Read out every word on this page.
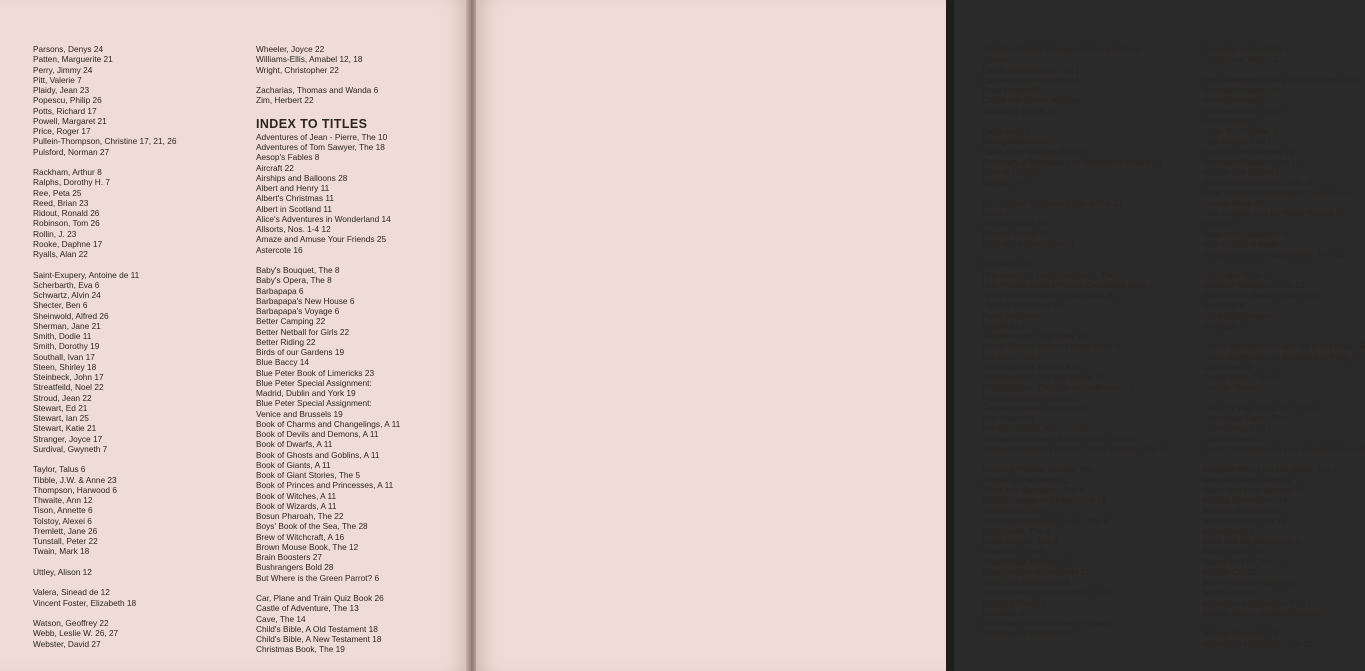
Parsons, Denys 24
Patten, Marguerite 21
Perry, Jimmy 24
Pitt, Valerie 7
Plaidy, Jean 23
Popescu, Philip 26
Potts, Richard 17
Powell, Margaret 21
Price, Roger 17
Pullein-Thompson, Christine 17, 21, 26
Pulsford, Norman 27
Rackham, Arthur 8
Ralphs, Dorothy H. 7
Ree, Peta 25
Reed, Brian 23
Ridout, Ronald 26
Robinson, Tom 26
Rollin, J. 23
Rooke, Daphne 17
Ryalls, Alan 22
Saint-Exupery, Antoine de 11
Scherbarth, Eva 6
Schwartz, Alvin 24
Shecter, Ben 6
Sheinwold, Alfred 26
Sherman, Jane 21
Smith, Dodie 11
Smith, Dorothy 19
Southall, Ivan 17
Steen, Shirley 18
Steinbeck, John 17
Streatfeild, Noel 22
Stroud, Jean 22
Stewart, Ed 21
Stewart, Ian 25
Stewart, Katie 21
Stranger, Joyce 17
Surdival, Gwyneth 7
Taylor, Talus 6
Tibble, J.W. & Anne 23
Thompson, Harwood 6
Thwaite, Ann 12
Tison, Annette 6
Tolstoy, Alexei 6
Tremlett, Jane 26
Tunstall, Peter 22
Twain, Mark 18
Uttley, Alison 12
Valera, Sinead de 12
Vincent Foster, Elizabeth 18
Watson, Geoffrey 22
Webb, Leslie W. 26, 27
Webster, David 27
Wheeler, Joyce 22
Williams-Ellis, Amabel 12, 18
Wright, Christopher 22
Zacharias, Thomas and Wanda 6
Zim, Herbert 22
INDEX TO TITLES
Adventures of Jean - Pierre, The 10
Adventures of Tom Sawyer, The 18
Aesop's Fables 8
Aircraft 22
Airships and Balloons 28
Albert and Henry 11
Albert's Christmas 11
Albert in Scotland 11
Alice's Adventures in Wonderland 14
Allsorts, Nos. 1-4 12
Amaze and Amuse Your Friends 25
Astercote 16
Baby's Bouquet, The 8
Baby's Opera, The 8
Barbapapa 6
Barbapapa's New House 6
Barbapapa's Voyage 6
Better Camping 22
Better Netball for Girls 22
Better Riding 22
Birds of our Gardens 19
Blue Baccy 14
Blue Peter Book of Limericks 23
Blue Peter Special Assignment:
Madrid, Dublin and York 19
Blue Peter Special Assignment:
Venice and Brussels 19
Book of Charms and Changelings, A 11
Book of Devils and Demons, A 11
Book of Dwarfs, A 11
Book of Ghosts and Goblins, A 11
Book of Giants, A 11
Book of Giant Stories, The 5
Book of Princes and Princesses, A 11
Book of Witches, A 11
Book of Wizards, A 11
Bosun Pharoah, The 22
Boys' Book of the Sea, The 28
Brew of Witchcraft, A 16
Brown Mouse Book, The 12
Brain Boosters 27
Bushrangers Bold 28
But Where is the Green Parrot? 6
Car, Plane and Train Quiz Book 26
Castle of Adventure, The 13
Cave, The 14
Child's Bible, A Old Testament 18
Child's Bible, A New Testament 18
Christmas Book, The 19
Christine Pullein-Thompson's Book of Pony
Stories 17
Circus of Adventure, The 13
Cinnamon and Nutmeg 14
Code Games 26
Codes and Secret Writings 22
Collecting Things 19
Dad's Army 24
Daring Detectives 15
David Nixon's Magic Box 26
Dictionary of Monsters and Mysterious Beasts 21
Dora at Follyfoot 14
Double Ex 17
Ed 'Stewpot' Stewart's Book of Pop 21
Elmer 5
Emma in Love 13
Emma's Island 13
Even More Fun-Tastic 24
First Feats 22
First Larry the Lamb Storybook, The 10
First Piccolo Picture Picture Crossword Book 27
First Piccolo Picture Puzzle Book 26
Flight of the Doves 16
Flying Postman 5
Follyfoot 14
Follyfoot Pony Quiz Book 26
Fourth Piccolo Picture Puzzle Book 26
Fox Hole, The 17
Fox Under my Jacket, A 15
Freewheelers: The Spy Game 15
Freewheelers: The Sign of the Beaver 15
Fun and Games Indoors 25
Fun and Games Outdoors 25
Fun-Tastic! 24
Fun with Words, Nos. 1-4 26
Further Adventures of Jean Pierre, The 10
Further Adventures of Josie, Click and Bun, The 9
Ghost of Thomas Kempe, The
Ghosts go Haunting 16
Giant Jam Sandwich, The 4
Golden Voyage of Sinbad, The 15
Grandfather Ben 6
Great Big Enormous Turnip, The 6
Great Boffo, The 4
Great Escape, The 9
Great Fire, The 9
Great British Ghosts 27
Great Ghosts of the World 27
Great Sea Mysteries 28
Grimm's Fairy Tales (Volume 1) 10
Growing Things 19
Gumdrop 4
Gumdrop and the Farmer's Friend 4
Gumdrop on the Move 4
Gumdrop on the Rally 4
Gypsy Folk Tales 12
Hans Andersen's Fairy Tales (Volume 1) 9
Haunted Houseful 15
Haunted Houses 27
Haunted Mine, The 17
Helen Keller 23
Hello, Mr. Twiddle! 9
High House, The 13
Hoaxes and Swindles 28
Honeywell Badger, The 17
Horses and Ponies 22
House at World's End, The 14
How: A General Knowledge Question and
Answer Book 20
How to Make and Fly Paper Aircraft 19
Hugo 10
Hugo and Josephine 10
How a Baby is Made 7
Hundred and One Dalmations, The 11
Irish Fairy Tales 12
Island of Adventure, The 13
Island of the Great Yellow Ox 16
Issi Noho 9
Issi Pandemonium 9
It's Magic 7
Jane's Adventures in and out of the Book 15
Janes Adventures on the Island of Peeg 15
Josephine 10
Jungle Book, The 15
Just So Stories 15
Little Car Has a Day Out, The 4
Little Brute Family, The 5
Little Prince, The 11
Locomotives 23
Lyrico: The Story of a very Special Horse 18
Magician Who Lost His Magic, The 5
Magpie History Diary 19
Make Your Own Monster 20
Making Decorations 19
Malkin's Mountain 11
Man in Fifteen, The 16
Manxmouse 10
Mark and the Monocycle 6
Matty Doolin 14
Mazes for Fun, Nos. 1-2
Moshie Cat 10
More Haunted Houses 27
Motor-Cars 23
Mountain of Adventure, The 13
Mother Goose Nursery Rhymes 8
Narrow Squeaks! 28
Naturalists Handbook, The 22
